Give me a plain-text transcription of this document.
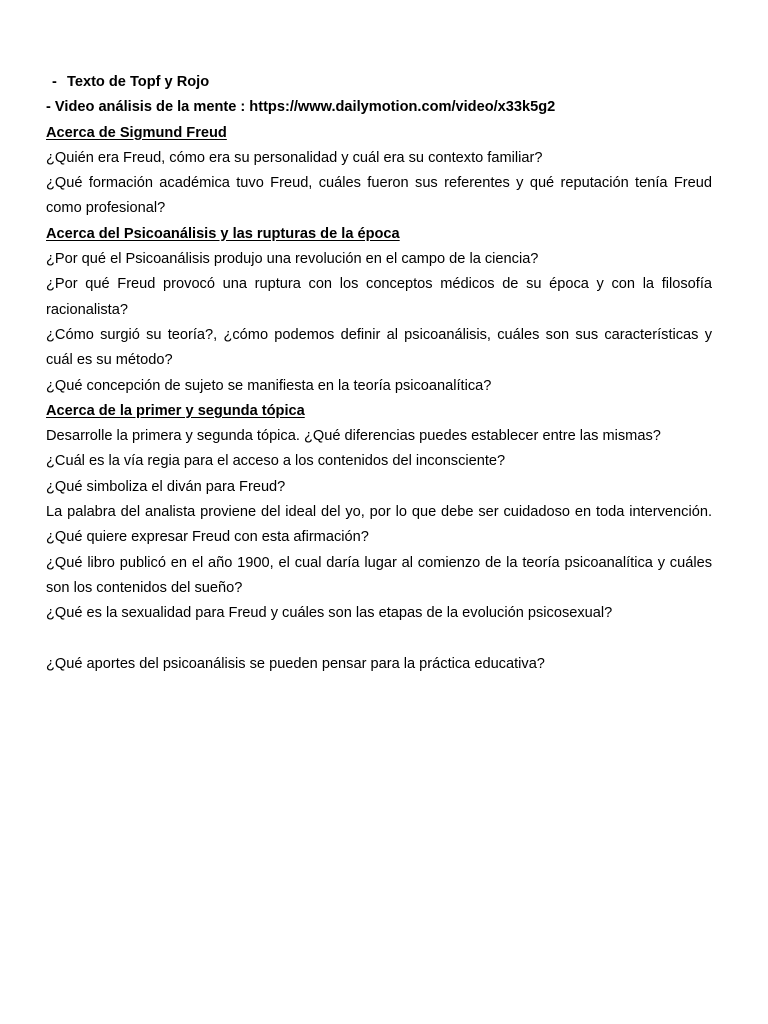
- Texto de Topf y Rojo
- Video análisis de la mente : https://www.dailymotion.com/video/x33k5g2
Acerca de Sigmund Freud

¿Quién era Freud, cómo era su personalidad y cuál era su contexto familiar?

¿Qué formación académica tuvo Freud, cuáles fueron sus referentes y qué reputación tenía Freud como profesional?

Acerca del Psicoanálisis y las rupturas de la época

¿Por qué el Psicoanálisis produjo una revolución en el campo de la ciencia?

¿Por qué Freud provocó una ruptura con los conceptos médicos de su época y con la filosofía racionalista?

¿Cómo surgió su teoría?, ¿cómo podemos definir al psicoanálisis, cuáles son sus características y cuál es su método?

¿Qué concepción de sujeto se manifiesta en la teoría psicoanalítica?

Acerca de la primer y segunda tópica

Desarrolle la primera y segunda tópica. ¿Qué diferencias puedes establecer entre las mismas?

¿Cuál es la vía regia para el acceso a los contenidos del inconsciente?

¿Qué simboliza el diván para Freud?

La palabra del analista proviene del ideal del yo, por lo que debe ser cuidadoso en toda intervención. ¿Qué quiere expresar Freud con esta afirmación?

¿Qué libro publicó en el año 1900, el cual daría lugar al comienzo de la teoría psicoanalítica y cuáles son los contenidos del sueño?

¿Qué es la sexualidad para Freud y cuáles son las etapas de la evolución psicosexual?

¿Qué aportes del psicoanálisis se pueden pensar para la práctica educativa?
